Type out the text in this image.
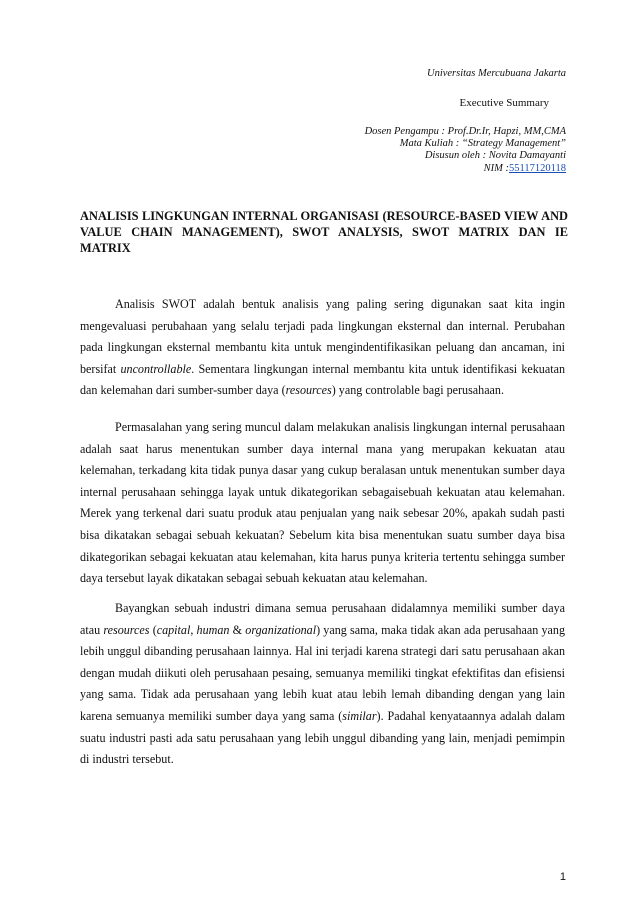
Universitas Mercubuana Jakarta
Executive Summary
Dosen Pengampu : Prof.Dr.Ir, Hapzi, MM,CMA
Mata Kuliah : “Strategy Management”
Disusun oleh : Novita Damayanti
NIM :55117120118
ANALISIS LINGKUNGAN INTERNAL ORGANISASI (RESOURCE-BASED VIEW AND VALUE CHAIN MANAGEMENT), SWOT ANALYSIS, SWOT MATRIX DAN IE MATRIX

Analisis SWOT adalah bentuk analisis yang paling sering digunakan saat kita ingin mengevaluasi perubahaan yang selalu terjadi pada lingkungan eksternal dan internal. Perubahan pada lingkungan eksternal membantu kita untuk mengindentifikasikan peluang dan ancaman, ini bersifat uncontrollable. Sementara lingkungan internal membantu kita untuk identifikasi kekuatan dan kelemahan dari sumber-sumber daya (resources) yang controlable bagi perusahaan.

Permasalahan yang sering muncul dalam melakukan analisis lingkungan internal perusahaan adalah saat harus menentukan sumber daya internal mana yang merupakan kekuatan atau kelemahan, terkadang kita tidak punya dasar yang cukup beralasan untuk menentukan sumber daya internal perusahaan sehingga layak untuk dikategorikan sebagaisebuah kekuatan atau kelemahan. Merek yang terkenal dari suatu produk atau penjualan yang naik sebesar 20%, apakah sudah pasti bisa dikatakan sebagai sebuah kekuatan? Sebelum kita bisa menentukan suatu sumber daya bisa dikategorikan sebagai kekuatan atau kelemahan, kita harus punya kriteria tertentu sehingga sumber daya tersebut layak dikatakan sebagai sebuah kekuatan atau kelemahan.

Bayangkan sebuah industri dimana semua perusahaan didalamnya memiliki sumber daya atau resources (capital, human & organizational) yang sama, maka tidak akan ada perusahaan yang lebih unggul dibanding perusahaan lainnya. Hal ini terjadi karena strategi dari satu perusahaan akan dengan mudah diikuti oleh perusahaan pesaing, semuanya memiliki tingkat efektifitas dan efisiensi yang sama. Tidak ada perusahaan yang lebih kuat atau lebih lemah dibanding dengan yang lain karena semuanya memiliki sumber daya yang sama (similar). Padahal kenyataannya adalah dalam suatu industri pasti ada satu perusahaan yang lebih unggul dibanding yang lain, menjadi pemimpin di industri tersebut.

1
